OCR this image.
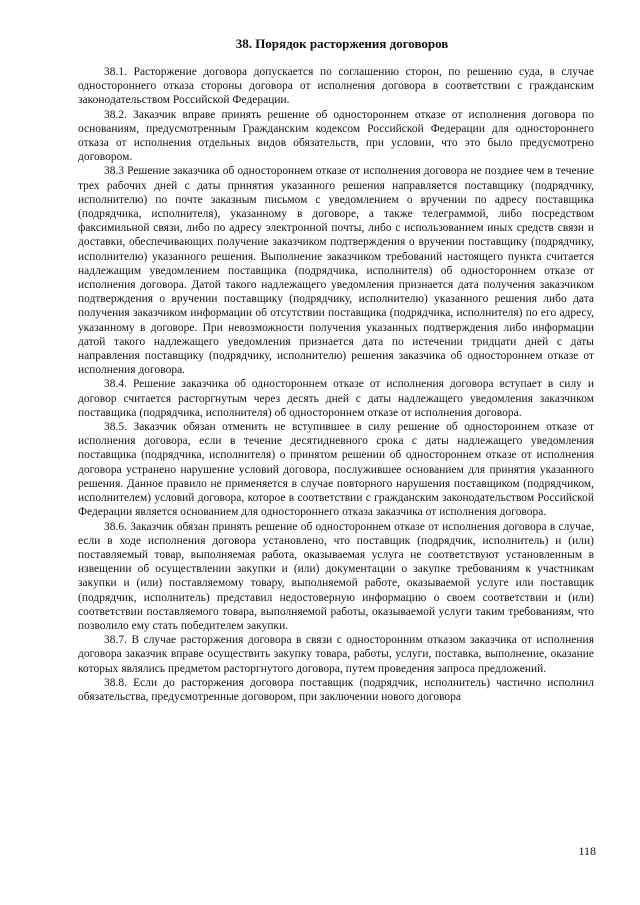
38. Порядок расторжения договоров

38.1. Расторжение договора допускается по соглашению сторон, по решению суда, в случае одностороннего отказа стороны договора от исполнения договора в соответствии с гражданским законодательством Российской Федерации.

38.2. Заказчик вправе принять решение об одностороннем отказе от исполнения договора по основаниям, предусмотренным Гражданским кодексом Российской Федерации для одностороннего отказа от исполнения отдельных видов обязательств, при условии, что это было предусмотрено договором.

38.3 Решение заказчика об одностороннем отказе от исполнения договора не позднее чем в течение трех рабочих дней с даты принятия указанного решения направляется поставщику (подрядчику, исполнителю) по почте заказным письмом с уведомлением о вручении по адресу поставщика (подрядчика, исполнителя), указанному в договоре, а также телеграммой, либо посредством факсимильной связи, либо по адресу электронной почты, либо с использованием иных средств связи и доставки, обеспечивающих получение заказчиком подтверждения о вручении поставщику (подрядчику, исполнителю) указанного решения. Выполнение заказчиком требований настоящего пункта считается надлежащим уведомлением поставщика (подрядчика, исполнителя) об одностороннем отказе от исполнения договора. Датой такого надлежащего уведомления признается дата получения заказчиком подтверждения о вручении поставщику (подрядчику, исполнителю) указанного решения либо дата получения заказчиком информации об отсутствии поставщика (подрядчика, исполнителя) по его адресу, указанному в договоре. При невозможности получения указанных подтверждения либо информации датой такого надлежащего уведомления признается дата по истечении тридцати дней с даты направления поставщику (подрядчику, исполнителю) решения заказчика об одностороннем отказе от исполнения договора.

38.4. Решение заказчика об одностороннем отказе от исполнения договора вступает в силу и договор считается расторгнутым через десять дней с даты надлежащего уведомления заказчиком поставщика (подрядчика, исполнителя) об одностороннем отказе от исполнения договора.

38.5. Заказчик обязан отменить не вступившее в силу решение об одностороннем отказе от исполнения договора, если в течение десятидневного срока с даты надлежащего уведомления поставщика (подрядчика, исполнителя) о принятом решении об одностороннем отказе от исполнения договора устранено нарушение условий договора, послужившее основанием для принятия указанного решения. Данное правило не применяется в случае повторного нарушения поставщиком (подрядчиком, исполнителем) условий договора, которое в соответствии с гражданским законодательством Российской Федерации является основанием для одностороннего отказа заказчика от исполнения договора.

38.6. Заказчик обязан принять решение об одностороннем отказе от исполнения договора в случае, если в ходе исполнения договора установлено, что поставщик (подрядчик, исполнитель) и (или) поставляемый товар, выполняемая работа, оказываемая услуга не соответствуют установленным в извещении об осуществлении закупки и (или) документации о закупке требованиям к участникам закупки и (или) поставляемому товару, выполняемой работе, оказываемой услуге или поставщик (подрядчик, исполнитель) представил недостоверную информацию о своем соответствии и (или) соответствии поставляемого товара, выполняемой работы, оказываемой услуги таким требованиям, что позволило ему стать победителем закупки.

38.7. В случае расторжения договора в связи с односторонним отказом заказчика от исполнения договора заказчик вправе осуществить закупку товара, работы, услуги, поставка, выполнение, оказание которых являлись предметом расторгнутого договора, путем проведения запроса предложений.

38.8. Если до расторжения договора поставщик (подрядчик, исполнитель) частично исполнил обязательства, предусмотренные договором, при заключении нового договора

118
